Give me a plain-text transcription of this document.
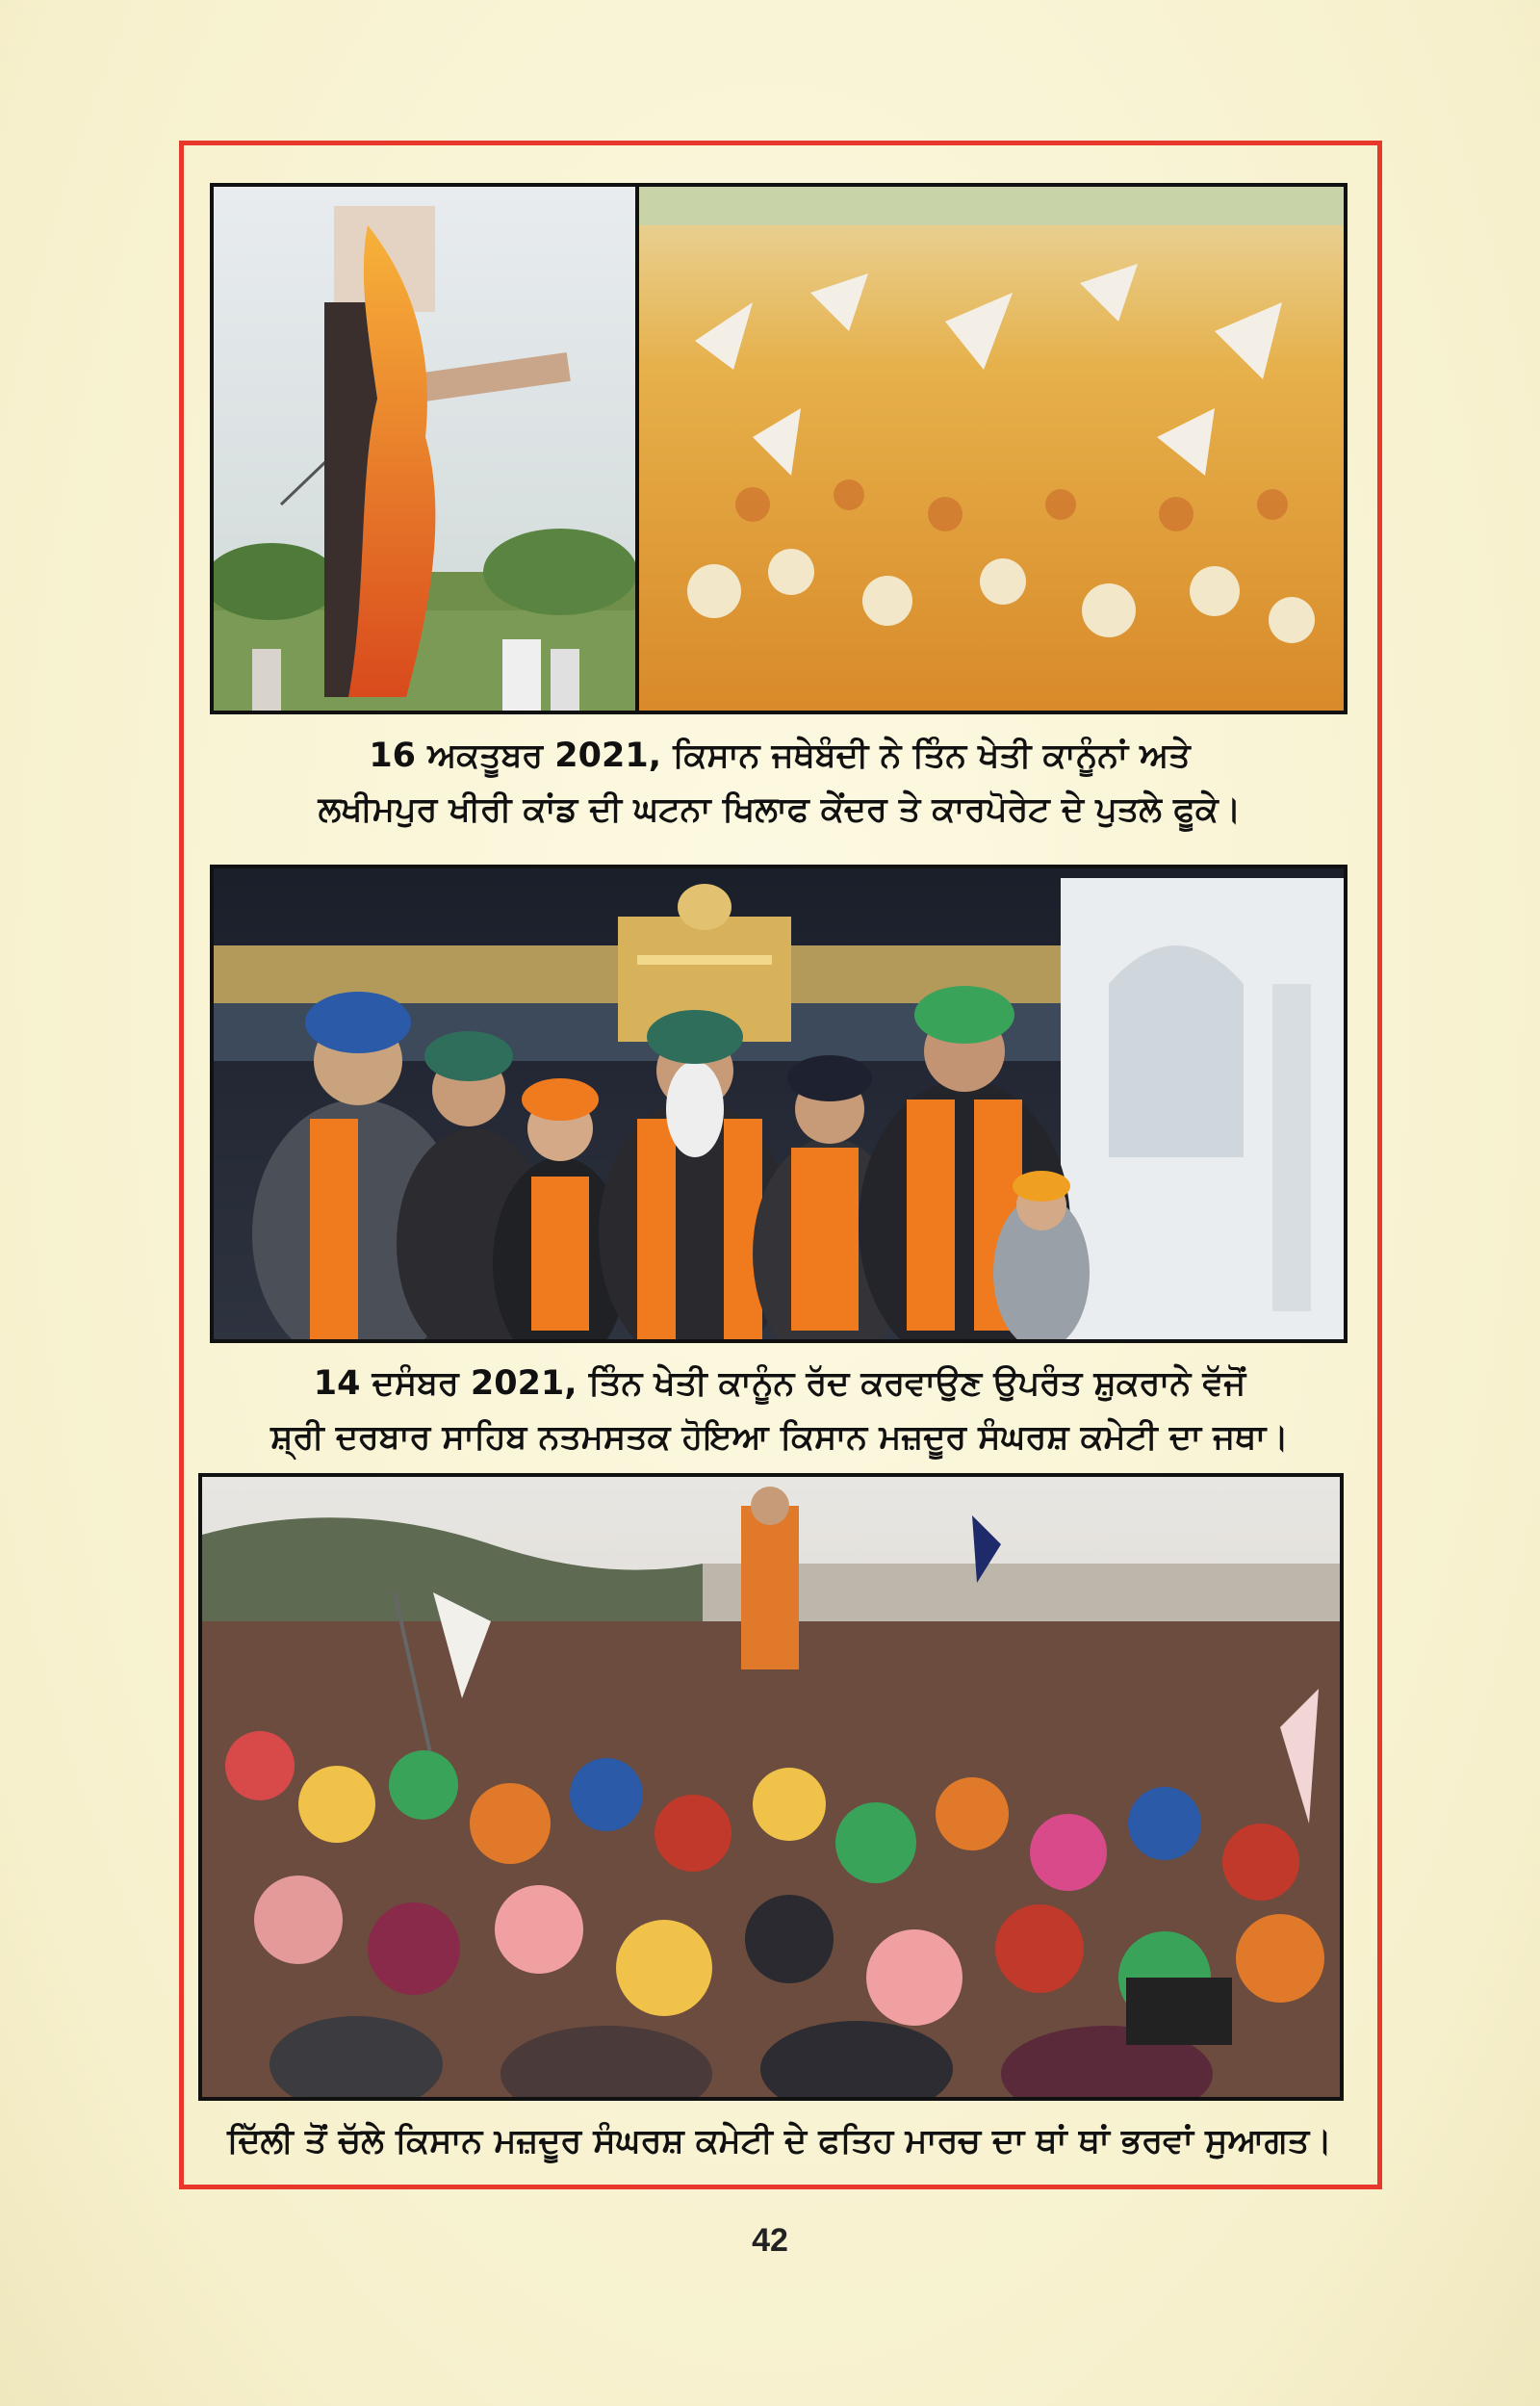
16 ਅਕਤੂਬਰ 2021, ਕਿਸਾਨ ਜਥੇਬੰਦੀ ਨੇ ਤਿੰਨ ਖੇਤੀ ਕਾਨੂੰਨਾਂ ਅਤੇ
ਲਖੀਮਪੁਰ ਖੀਰੀ ਕਾਂਡ ਦੀ ਘਟਨਾ ਖਿਲਾਫ ਕੇਂਦਰ ਤੇ ਕਾਰਪੋਰੇਟ ਦੇ ਪੁਤਲੇ ਫੂਕੇ।
14 ਦਸੰਬਰ 2021, ਤਿੰਨ ਖੇਤੀ ਕਾਨੂੰਨ ਰੱਦ ਕਰਵਾਉਣ ਉਪਰੰਤ ਸ਼ੁਕਰਾਨੇ ਵੱਜੋਂ
ਸ਼੍ਰੀ ਦਰਬਾਰ ਸਾਹਿਬ ਨਤਮਸਤਕ ਹੋਇਆ ਕਿਸਾਨ ਮਜ਼ਦੂਰ ਸੰਘਰਸ਼ ਕਮੇਟੀ ਦਾ ਜਥਾ।
ਦਿੱਲੀ ਤੋਂ ਚੱਲੇ ਕਿਸਾਨ ਮਜ਼ਦੂਰ ਸੰਘਰਸ਼ ਕਮੇਟੀ ਦੇ ਫਤਿਹ ਮਾਰਚ ਦਾ ਥਾਂ ਥਾਂ ਭਰਵਾਂ ਸੁਆਗਤ।
42
